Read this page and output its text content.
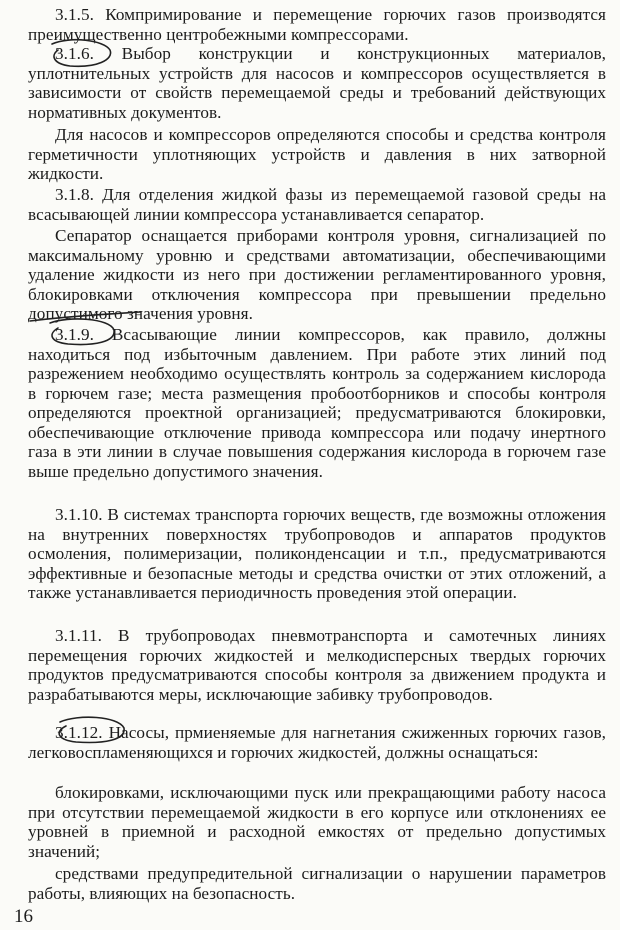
3.1.5. Компримирование и перемещение горючих газов производятся преимущественно центробежными компрессорами.

3.1.6. Выбор конструкции и конструкционных материалов, уплотнительных устройств для насосов и компрессоров осуществляется в зависимости от свойств перемещаемой среды и требований действующих нормативных документов.

Для насосов и компрессоров определяются способы и средства контроля герметичности уплотняющих устройств и давления в них затворной жидкости.

3.1.8. Для отделения жидкой фазы из перемещаемой газовой среды на всасывающей линии компрессора устанавливается сепаратор.

Сепаратор оснащается приборами контроля уровня, сигнализацией по максимальному уровню и средствами автоматизации, обеспечивающими удаление жидкости из него при достижении регламентированного уровня, блокировками отключения компрессора при превышении предельно допустимого значения уровня.

3.1.9. Всасывающие линии компрессоров, как правило, должны находиться под избыточным давлением. При работе этих линий под разрежением необходимо осуществлять контроль за содержанием кислорода в горючем газе; места размещения пробоотборников и способы контроля определяются проектной организацией; предусматриваются блокировки, обеспечивающие отключение привода компрессора или подачу инертного газа в эти линии в случае повышения содержания кислорода в горючем газе выше предельно допустимого значения.

3.1.10. В системах транспорта горючих веществ, где возможны отложения на внутренних поверхностях трубопроводов и аппаратов продуктов осмоления, полимеризации, поликонденсации и т.п., предусматриваются эффективные и безопасные методы и средства очистки от этих отложений, а также устанавливается периодичность проведения этой операции.

3.1.11. В трубопроводах пневмотранспорта и самотечных линиях перемещения горючих жидкостей и мелкодисперсных твердых горючих продуктов предусматриваются способы контроля за движением продукта и разрабатываются меры, исключающие забивку трубопроводов.

3.1.12. Насосы, прмиеняемые для нагнетания сжиженных горючих газов, легковоспламеняющихся и горючих жидкостей, должны оснащаться:

блокировками, исключающими пуск или прекращающими работу насоса при отсутствии перемещаемой жидкости в его корпусе или отклонениях ее уровней в приемной и расходной емкостях от предельно допустимых значений;

средствами предупредительной сигнализации о нарушении параметров работы, влияющих на безопасность.

16
